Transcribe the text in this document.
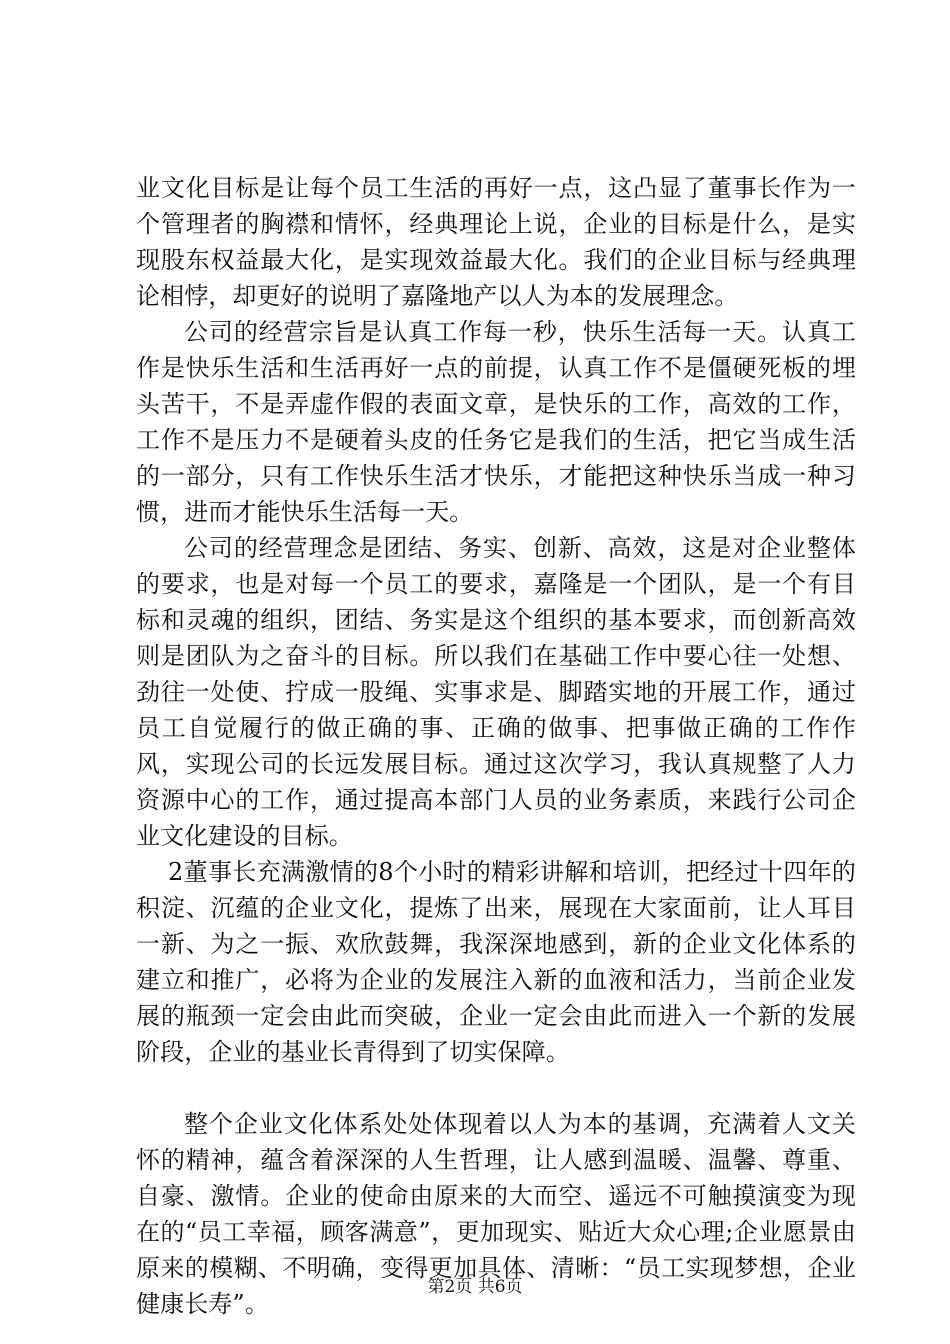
业文化目标是让每个员工生活的再好一点，这凸显了董事长作为一个管理者的胸襟和情怀，经典理论上说，企业的目标是什么，是实现股东权益最大化，是实现效益最大化。我们的企业目标与经典理论相悖，却更好的说明了嘉隆地产以人为本的发展理念。

公司的经营宗旨是认真工作每一秒，快乐生活每一天。认真工作是快乐生活和生活再好一点的前提，认真工作不是僵硬死板的埋头苦干，不是弄虚作假的表面文章，是快乐的工作，高效的工作，工作不是压力不是硬着头皮的任务它是我们的生活，把它当成生活的一部分，只有工作快乐生活才快乐，才能把这种快乐当成一种习惯，进而才能快乐生活每一天。

公司的经营理念是团结、务实、创新、高效，这是对企业整体的要求，也是对每一个员工的要求，嘉隆是一个团队，是一个有目标和灵魂的组织，团结、务实是这个组织的基本要求，而创新高效则是团队为之奋斗的目标。所以我们在基础工作中要心往一处想、劲往一处使、拧成一股绳、实事求是、脚踏实地的开展工作，通过员工自觉履行的做正确的事、正确的做事、把事做正确的工作作风，实现公司的长远发展目标。通过这次学习，我认真规整了人力资源中心的工作，通过提高本部门人员的业务素质，来践行公司企业文化建设的目标。

2董事长充满激情的8个小时的精彩讲解和培训，把经过十四年的积淀、沉蕴的企业文化，提炼了出来，展现在大家面前，让人耳目一新、为之一振、欢欣鼓舞，我深深地感到，新的企业文化体系的建立和推广，必将为企业的发展注入新的血液和活力，当前企业发展的瓶颈一定会由此而突破，企业一定会由此而进入一个新的发展阶段，企业的基业长青得到了切实保障。

整个企业文化体系处处体现着以人为本的基调，充满着人文关怀的精神，蕴含着深深的人生哲理，让人感到温暖、温馨、尊重、自豪、激情。企业的使命由原来的大而空、遥远不可触摸演变为现在的“员工幸福，顾客满意”，更加现实、贴近大众心理;企业愿景由原来的模糊、不明确，变得更加具体、清晰：“员工实现梦想，企业健康长寿”。

第2页 共6页
